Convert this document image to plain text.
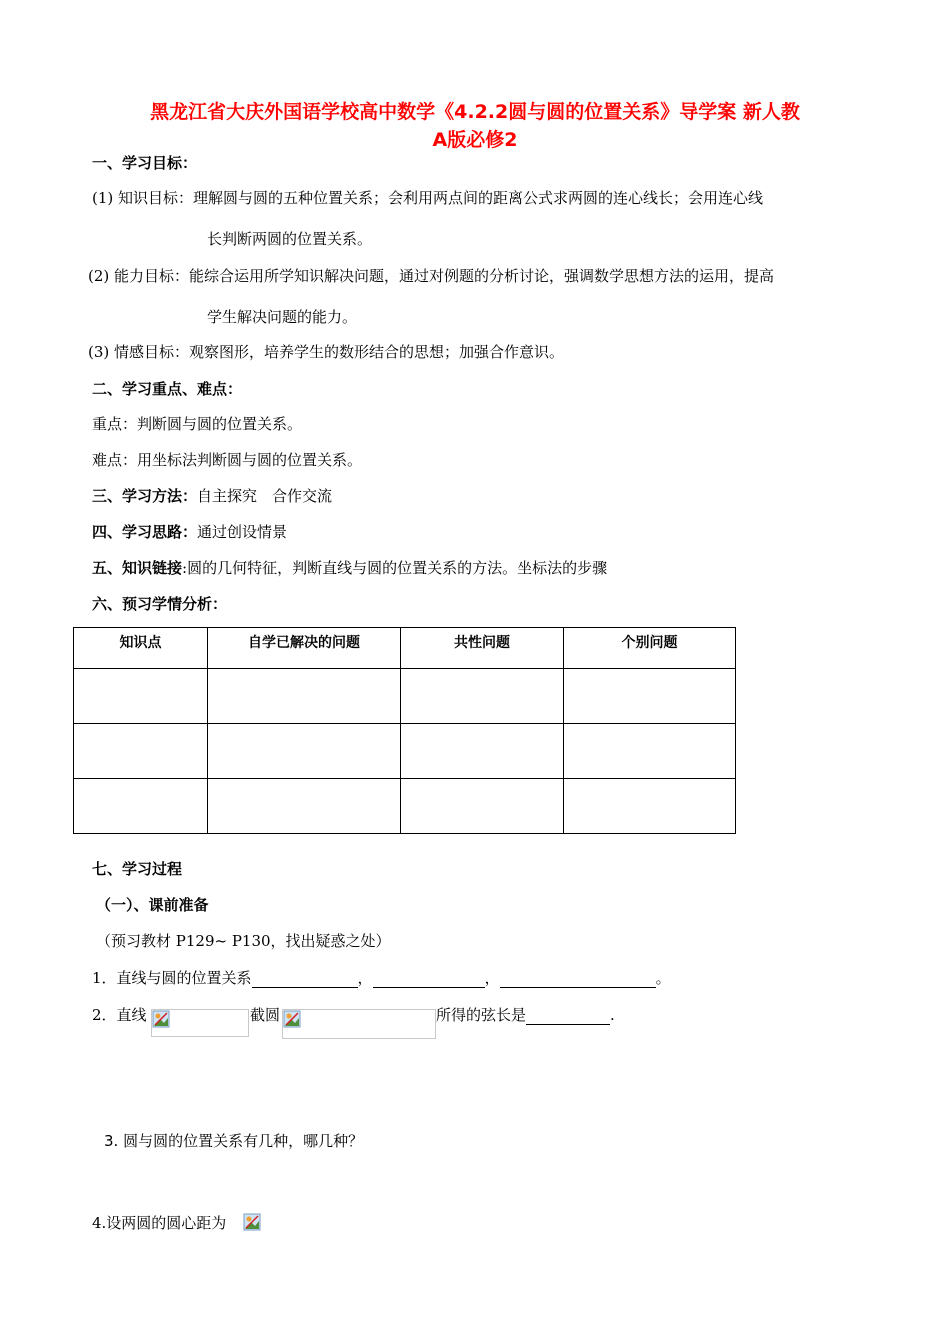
黑龙江省大庆外国语学校高中数学《4.2.2圆与圆的位置关系》导学案 新人教
A版必修2
一、学习目标：
(1) 知识目标：理解圆与圆的五种位置关系；会利用两点间的距离公式求两圆的连心线长；会用连心线
长判断两圆的位置关系。
(2) 能力目标：能综合运用所学知识解决问题，通过对例题的分析讨论，强调数学思想方法的运用，提高
学生解决问题的能力。
(3) 情感目标：观察图形，培养学生的数形结合的思想；加强合作意识。
二、学习重点、难点：
重点：判断圆与圆的位置关系。
难点：用坐标法判断圆与圆的位置关系。
三、学习方法：自主探究　合作交流
四、学习思路：通过创设情景
五、知识链接:圆的几何特征，判断直线与圆的位置关系的方法。坐标法的步骤
六、预习学情分析：
知识点	自学已解决的问题	共性问题	个别问题

七、学习过程
（一）、课前准备
（预习教材 P129~ P130，找出疑惑之处）
1．直线与圆的位置关系	，	，	。
2．直线	截圆	所得的弦长是	.
3. 圆与圆的位置关系有几种，哪几种？
4.设两圆的圆心距为
